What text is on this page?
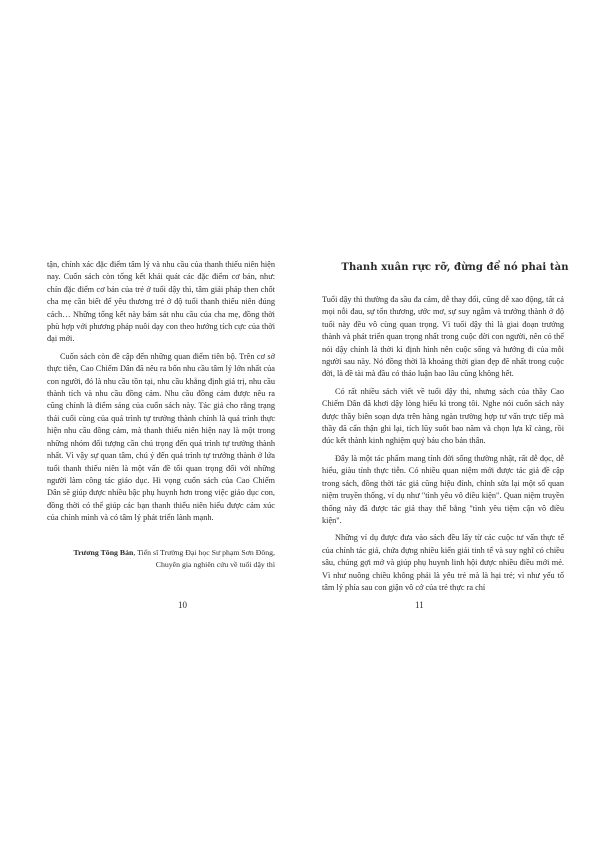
tận, chính xác đặc điểm tâm lý và nhu cầu của thanh thiếu niên hiện nay. Cuốn sách còn tổng kết khái quát các đặc điểm cơ bản, như: chín đặc điểm cơ bản của trẻ ở tuổi dậy thì, tâm giải pháp then chốt cha mẹ cần biết để yêu thương trẻ ở độ tuổi thanh thiếu niên đúng cách… Những tổng kết này bám sát nhu cầu của cha mẹ, đồng thời phù hợp với phương pháp nuôi dạy con theo hướng tích cực của thời đại mới.

Cuốn sách còn đề cập đến những quan điểm tiên bộ. Trên cơ sở thực tiễn, Cao Chiếm Dân đã nêu ra bốn nhu cầu tâm lý lớn nhất của con người, đó là nhu cầu tồn tại, nhu cầu khẳng định giá trị, nhu cầu thành tích và nhu cầu đồng cảm. Nhu cầu đồng cảm được nêu ra cũng chính là điểm sáng của cuốn sách này. Tác giả cho rằng trạng thái cuối cùng của quá trình tự trưởng thành chính là quá trình thực hiện nhu cầu đồng cảm, mà thanh thiếu niên hiện nay là một trong những nhóm đối tượng cần chú trọng đến quá trình tự trưởng thành nhất. Vì vậy sự quan tâm, chú ý đến quá trình tự trưởng thành ở lứa tuổi thanh thiếu niên là một vấn đề tối quan trọng đối với những người làm công tác giáo dục. Hi vọng cuốn sách của Cao Chiếm Dân sẽ giúp được nhiều bậc phụ huynh hơn trong việc giáo dục con, đồng thời có thể giúp các bạn thanh thiếu niên hiểu được cảm xúc của chính mình và có tâm lý phát triển lành mạnh.

Trương Tông Bản, Tiến sĩ Trường Đại học Sư phạm Sơn Đông,
Chuyên gia nghiên cứu về tuổi dậy thì
10
Thanh xuân rực rỡ, đừng để nó phai tàn

Tuổi dậy thì thường đa sầu đa cảm, dễ thay đổi, cũng dễ xao động, tất cả mọi nỗi đau, sự tổn thương, ước mơ, sự suy ngẫm và trưởng thành ở độ tuổi này đều vô cùng quan trọng. Vì tuổi dậy thì là giai đoạn trưởng thành và phát triển quan trọng nhất trong cuộc đời con người, nên có thể nói dậy chính là thời kì định hình nên cuộc sống và hướng đi của mỗi người sau này. Nó đồng thời là khoảng thời gian đẹp đẽ nhất trong cuộc đời, là đề tài mà đầu có thảo luận bao lâu cũng không hết.

Có rất nhiều sách viết về tuổi dậy thì, nhưng sách của thầy Cao Chiếm Dân đã khơi dậy lòng hiếu kì trong tôi. Nghe nói cuốn sách này được thầy biên soạn dựa trên hàng ngàn trường hợp tư vấn trực tiếp mà thầy đã cẩn thận ghi lại, tích lũy suốt bao năm và chọn lựa kĩ càng, rồi đúc kết thành kinh nghiệm quý báu cho bản thân.

Đây là một tác phẩm mang tính đời sống thường nhật, rất dễ đọc, dễ hiểu, giàu tính thực tiễn. Có nhiều quan niệm mới được tác giả đề cập trong sách, đồng thời tác giả cũng hiệu đính, chỉnh sửa lại một số quan niệm truyền thống, ví dụ như "tình yêu vô điều kiện". Quan niệm truyền thống này đã được tác giả thay thế bằng "tình yêu tiệm cận vô điều kiện".

Những ví dụ được đưa vào sách đều lấy từ các cuộc tư vấn thực tế của chính tác giả, chứa đựng nhiều kiến giải tinh tế và suy nghĩ có chiều sâu, chúng gợi mở và giúp phụ huynh linh hội được nhiều điều mới mẻ. Vì như nuông chiều không phải là yêu trẻ mà là hại trẻ; vì như yếu tố tâm lý phía sau con giận vô cớ của trẻ thực ra chỉ

11
